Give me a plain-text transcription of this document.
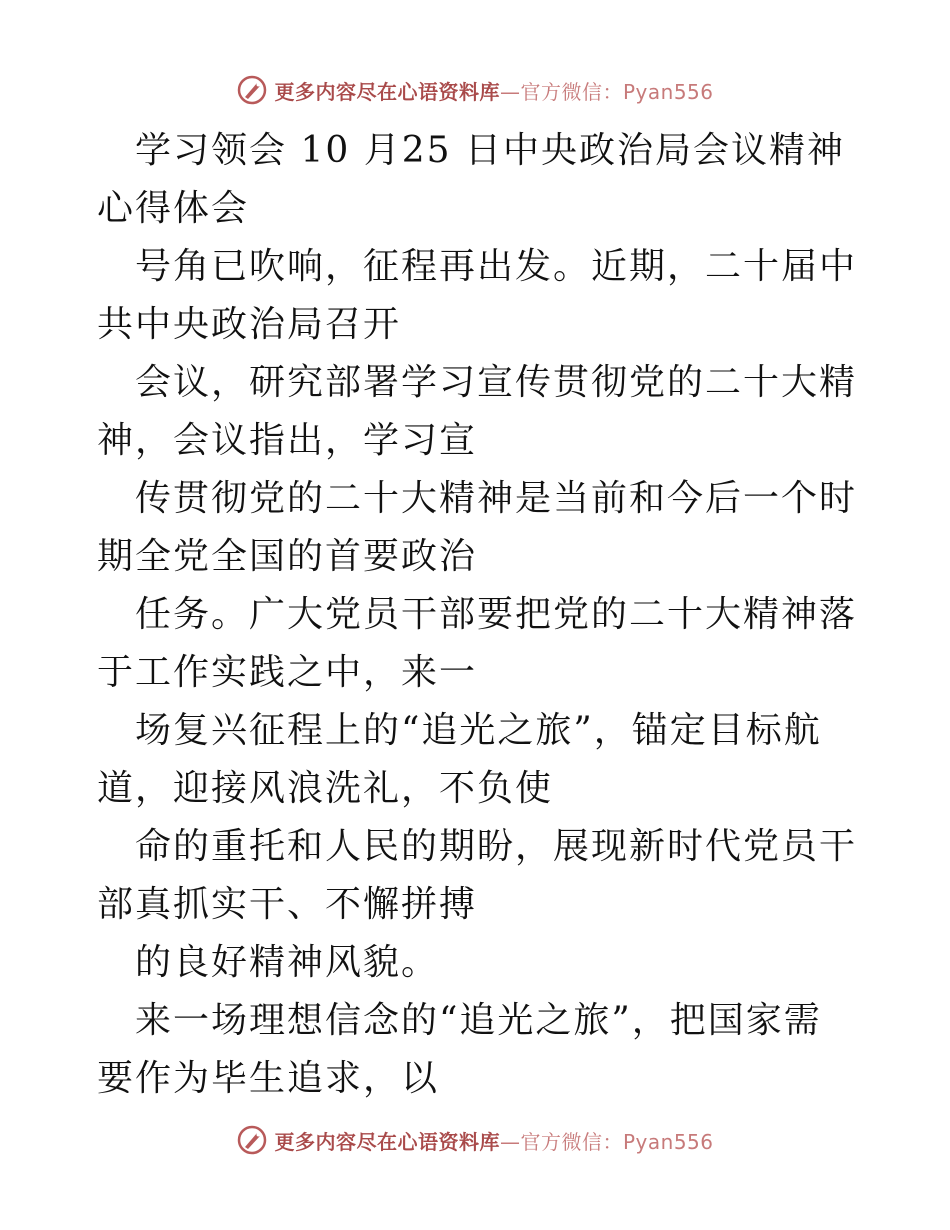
更多内容尽在心语资料库—官方微信：Pyan556

学习领会 10 月25 日中央政治局会议精神心得体会

号角已吹响，征程再出发。近期，二十届中共中央政治局召开

会议，研究部署学习宣传贯彻党的二十大精神，会议指出，学习宣

传贯彻党的二十大精神是当前和今后一个时期全党全国的首要政治

任务。广大党员干部要把党的二十大精神落于工作实践之中，来一

场复兴征程上的“追光之旅”，锚定目标航道，迎接风浪洗礼，不负使

命的重托和人民的期盼，展现新时代党员干部真抓实干、不懈拼搏

的良好精神风貌。

来一场理想信念的“追光之旅”，把国家需要作为毕生追求，以

更多内容尽在心语资料库—官方微信：Pyan556
